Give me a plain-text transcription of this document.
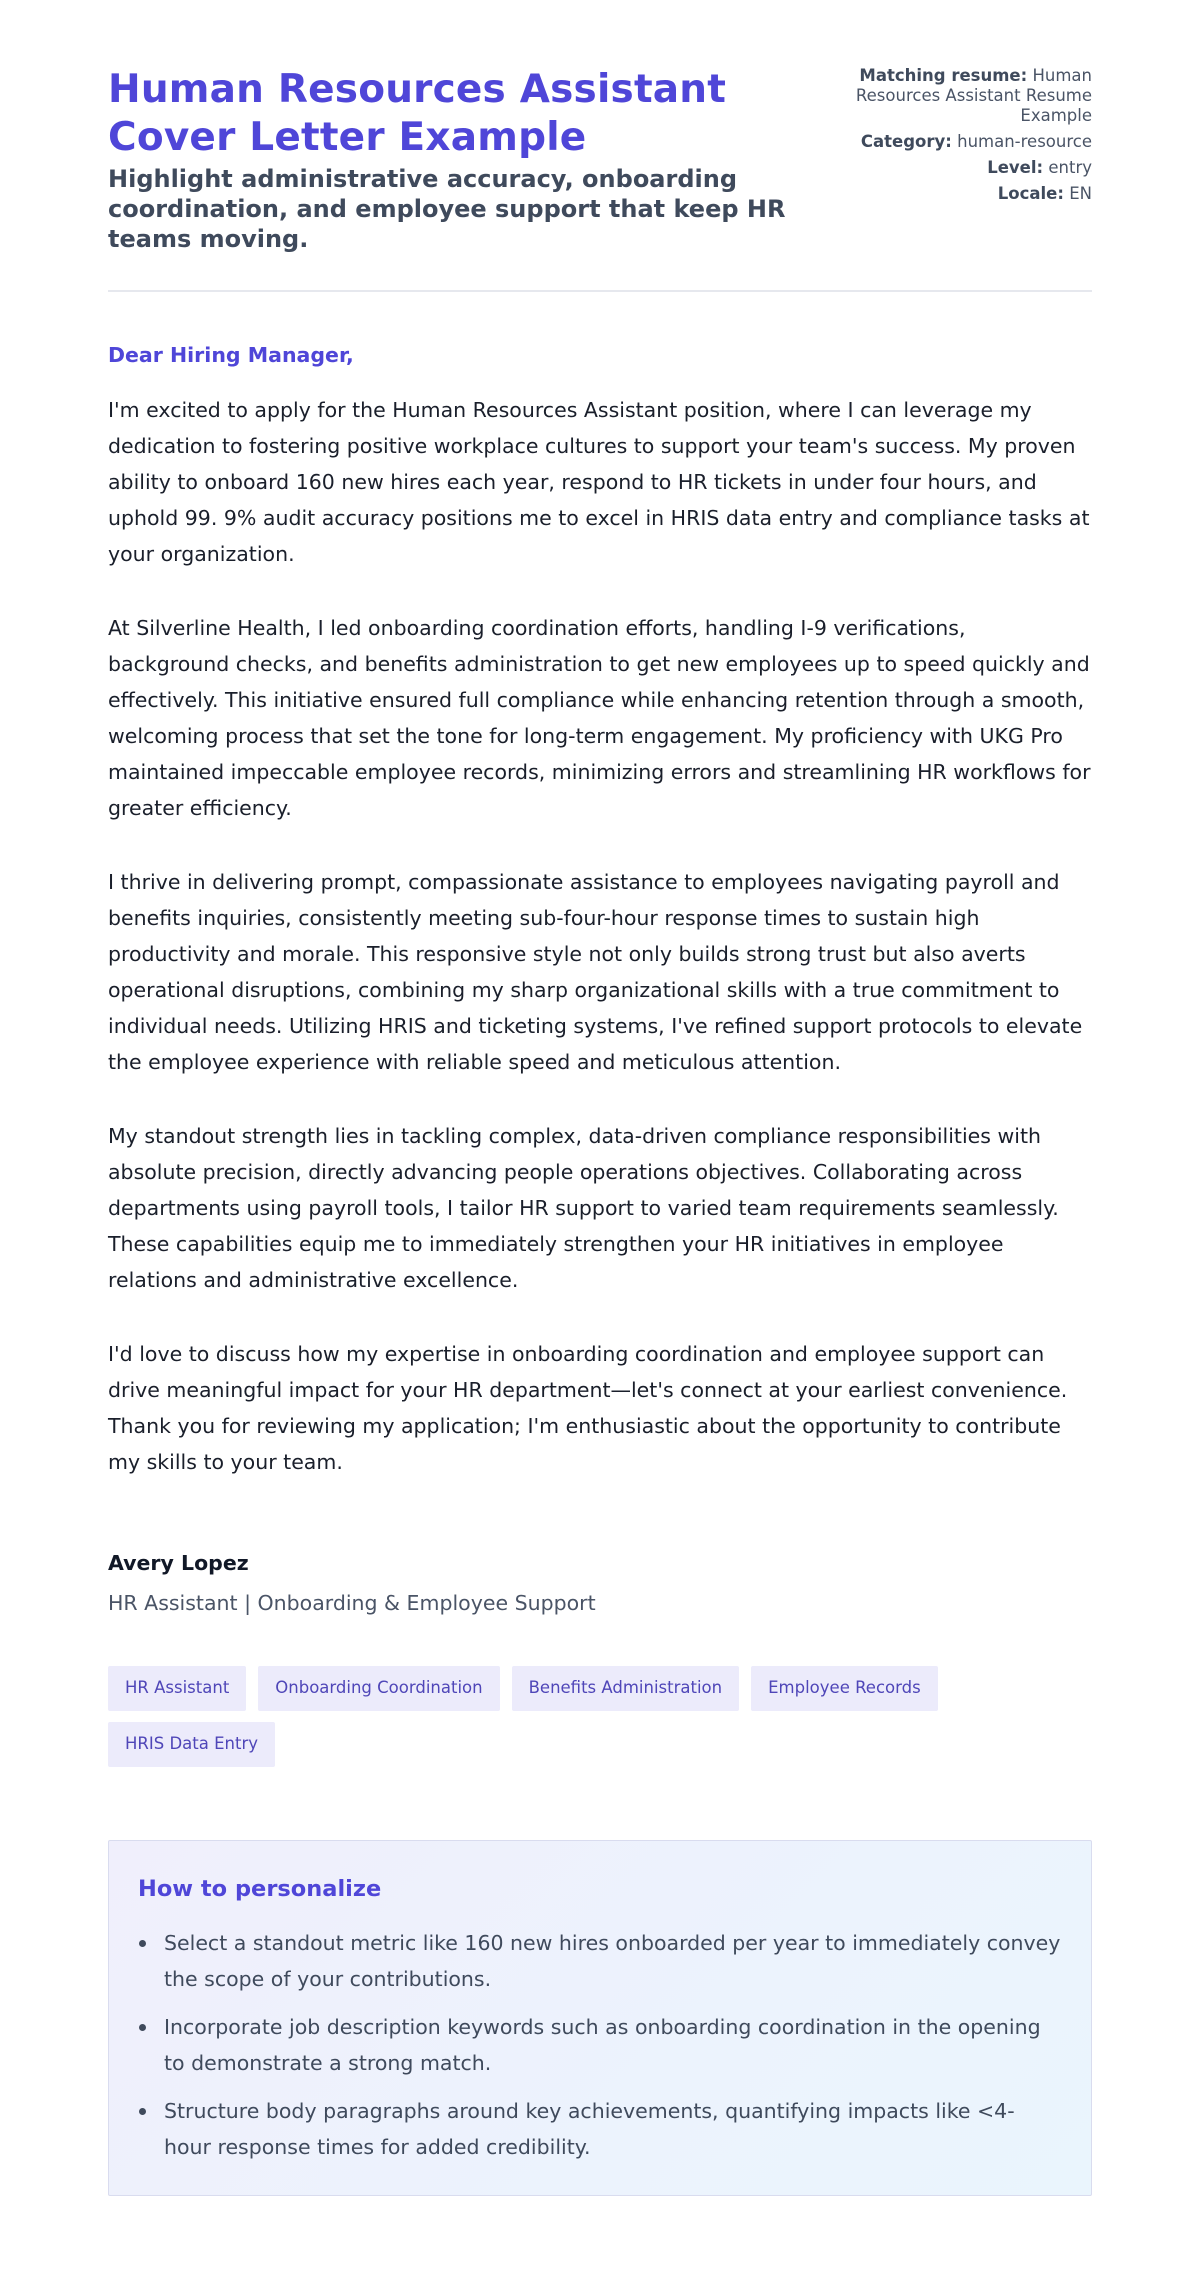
Human Resources Assistant Cover Letter Example
Highlight administrative accuracy, onboarding coordination, and employee support that keep HR teams moving.
Matching resume: Human Resources Assistant Resume Example
Category: human-resource
Level: entry
Locale: EN
Dear Hiring Manager,

I'm excited to apply for the Human Resources Assistant position, where I can leverage my dedication to fostering positive workplace cultures to support your team's success. My proven ability to onboard 160 new hires each year, respond to HR tickets in under four hours, and uphold 99. 9% audit accuracy positions me to excel in HRIS data entry and compliance tasks at your organization.

At Silverline Health, I led onboarding coordination efforts, handling I-9 verifications, background checks, and benefits administration to get new employees up to speed quickly and effectively. This initiative ensured full compliance while enhancing retention through a smooth, welcoming process that set the tone for long-term engagement. My proficiency with UKG Pro maintained impeccable employee records, minimizing errors and streamlining HR workflows for greater efficiency.

I thrive in delivering prompt, compassionate assistance to employees navigating payroll and benefits inquiries, consistently meeting sub-four-hour response times to sustain high productivity and morale. This responsive style not only builds strong trust but also averts operational disruptions, combining my sharp organizational skills with a true commitment to individual needs. Utilizing HRIS and ticketing systems, I've refined support protocols to elevate the employee experience with reliable speed and meticulous attention.

My standout strength lies in tackling complex, data-driven compliance responsibilities with absolute precision, directly advancing people operations objectives. Collaborating across departments using payroll tools, I tailor HR support to varied team requirements seamlessly. These capabilities equip me to immediately strengthen your HR initiatives in employee relations and administrative excellence.

I'd love to discuss how my expertise in onboarding coordination and employee support can drive meaningful impact for your HR department—let's connect at your earliest convenience. Thank you for reviewing my application; I'm enthusiastic about the opportunity to contribute my skills to your team.

Avery Lopez
HR Assistant | Onboarding & Employee Support
HR Assistant	Onboarding Coordination	Benefits Administration	Employee Records
HRIS Data Entry
How to personalize
Select a standout metric like 160 new hires onboarded per year to immediately convey the scope of your contributions.
Incorporate job description keywords such as onboarding coordination in the opening to demonstrate a strong match.
Structure body paragraphs around key achievements, quantifying impacts like <4-hour response times for added credibility.
